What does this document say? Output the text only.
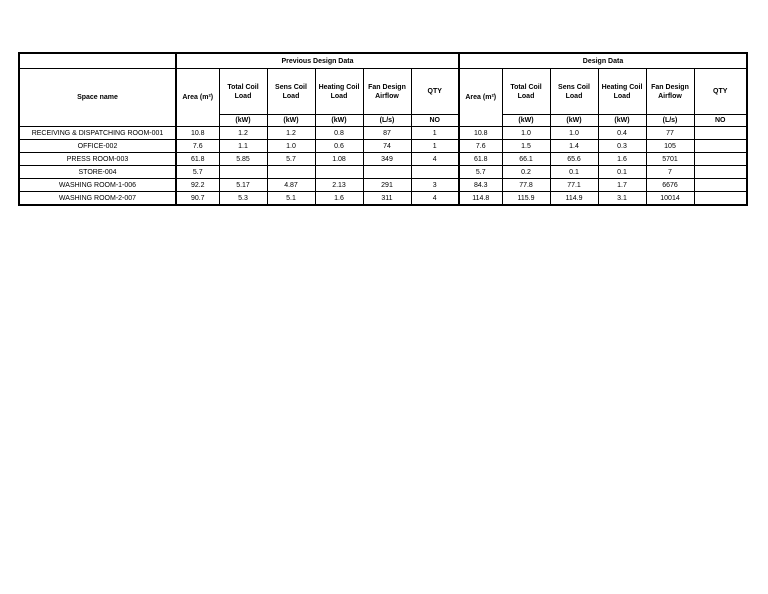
	Previous Design Data						Design Data					
Space name	Area (m²)	Total Coil Load	Sens Coil Load	Heating Coil Load	Fan Design Airflow	QTY	Area (m²)	Total Coil Load	Sens Coil Load	Heating Coil Load	Fan Design Airflow	QTY
		(kW)	(kW)	(kW)	(L/s)	NO		(kW)	(kW)	(kW)	(L/s)	NO
RECEIVING & DISPATCHING ROOM-001	10.8	1.2	1.2	0.8	87	1	10.8	1.0	1.0	0.4	77	
OFFICE-002	7.6	1.1	1.0	0.6	74	1	7.6	1.5	1.4	0.3	105	
PRESS ROOM-003	61.8	5.85	5.7	1.08	349	4	61.8	66.1	65.6	1.6	5701	
STORE-004	5.7						5.7	0.2	0.1	0.1	7	
WASHING ROOM-1-006	92.2	5.17	4.87	2.13	291	3	84.3	77.8	77.1	1.7	6676	
WASHING ROOM-2-007	90.7	5.3	5.1	1.6	311	4	114.8	115.9	114.9	3.1	10014	
